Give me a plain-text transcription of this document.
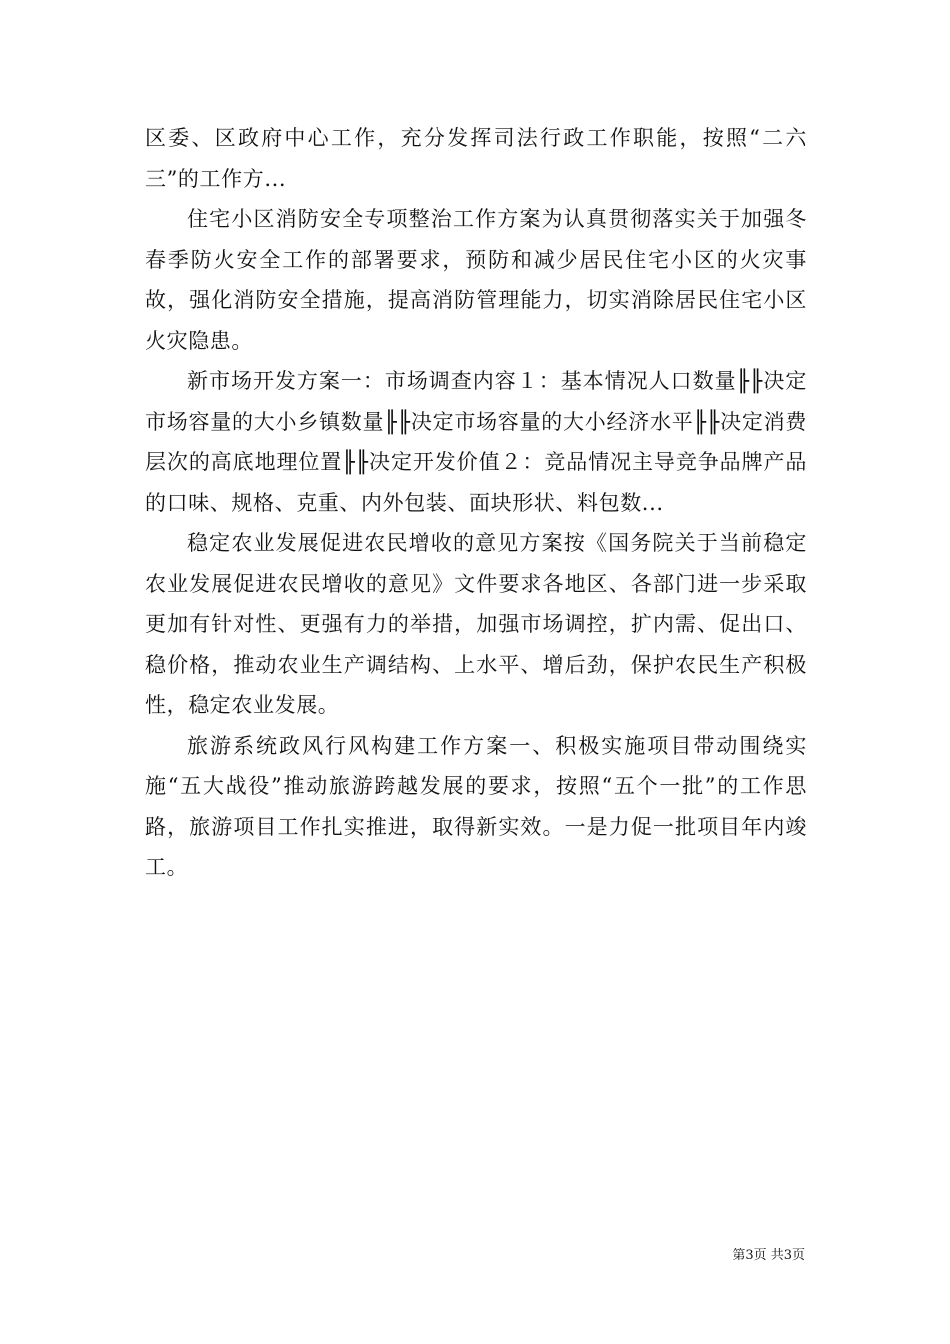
区委、区政府中心工作，充分发挥司法行政工作职能，按照“二六三”的工作方...

住宅小区消防安全专项整治工作方案为认真贯彻落实关于加强冬春季防火安全工作的部署要求，预防和减少居民住宅小区的火灾事故，强化消防安全措施，提高消防管理能力，切实消除居民住宅小区火灾隐患。

新市场开发方案一：市场调查内容１：基本情况人口数量╟╟决定市场容量的大小乡镇数量╟╟决定市场容量的大小经济水平╟╟决定消费层次的高底地理位置╟╟决定开发价值２：竞品情况主导竞争品牌产品的口味、规格、克重、内外包装、面块形状、料包数...

稳定农业发展促进农民增收的意见方案按《国务院关于当前稳定农业发展促进农民增收的意见》文件要求各地区、各部门进一步采取更加有针对性、更强有力的举措，加强市场调控，扩内需、促出口、稳价格，推动农业生产调结构、上水平、增后劲，保护农民生产积极性，稳定农业发展。

旅游系统政风行风构建工作方案一、积极实施项目带动围绕实施“五大战役”推动旅游跨越发展的要求，按照“五个一批”的工作思路，旅游项目工作扎实推进，取得新实效。一是力促一批项目年内竣工。

第3页 共3页
